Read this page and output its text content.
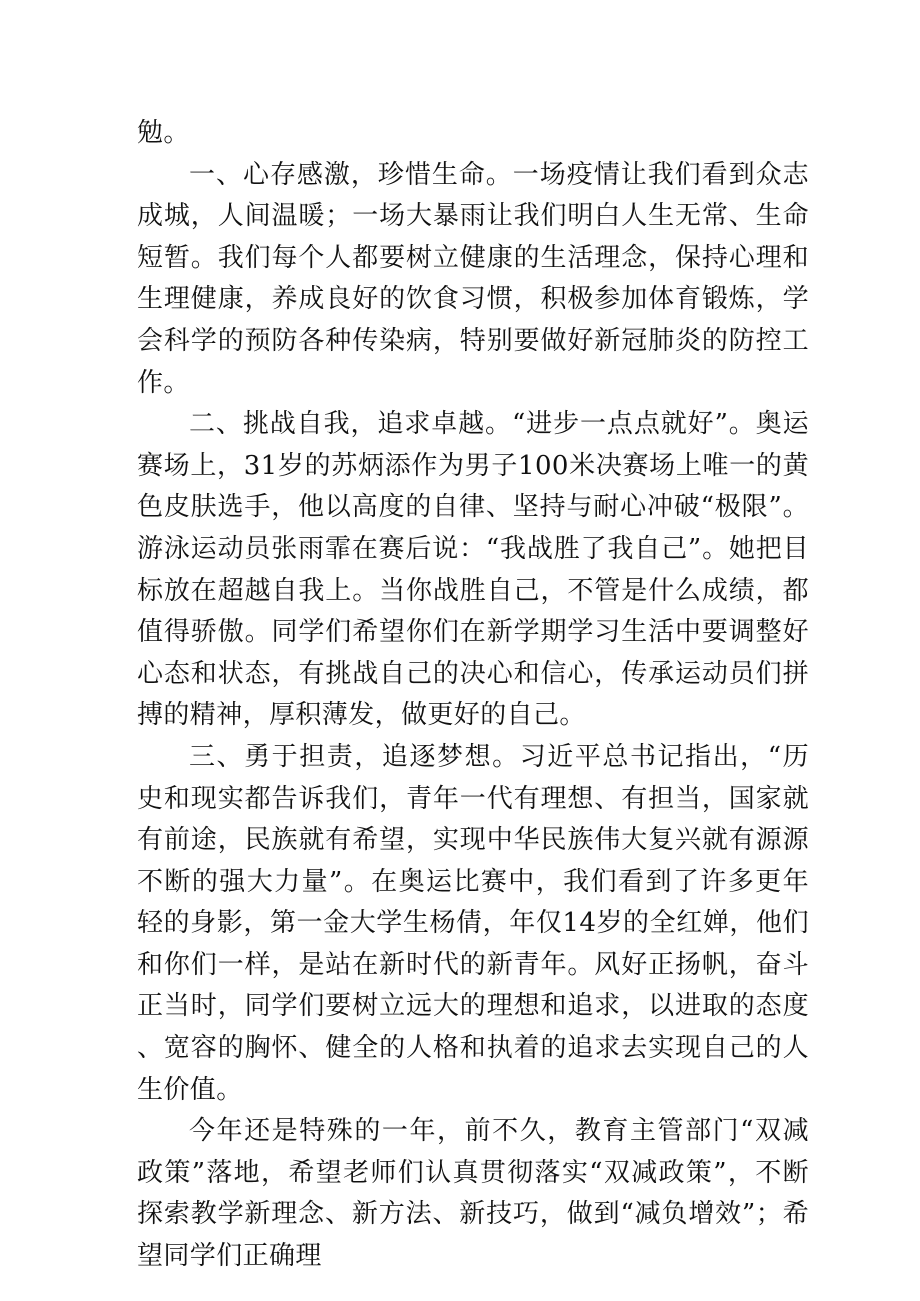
勉。

一、心存感激，珍惜生命。一场疫情让我们看到众志成城，人间温暖；一场大暴雨让我们明白人生无常、生命短暂。我们每个人都要树立健康的生活理念，保持心理和生理健康，养成良好的饮食习惯，积极参加体育锻炼，学会科学的预防各种传染病，特别要做好新冠肺炎的防控工作。

二、挑战自我，追求卓越。“进步一点点就好”。奥运赛场上，31岁的苏炳添作为男子100米决赛场上唯一的黄色皮肤选手，他以高度的自律、坚持与耐心冲破“极限”。游泳运动员张雨霏在赛后说：“我战胜了我自己”。她把目标放在超越自我上。当你战胜自己，不管是什么成绩，都值得骄傲。同学们希望你们在新学期学习生活中要调整好心态和状态，有挑战自己的决心和信心，传承运动员们拼搏的精神，厚积薄发，做更好的自己。

三、勇于担责，追逐梦想。习近平总书记指出，“历史和现实都告诉我们，青年一代有理想、有担当，国家就有前途，民族就有希望，实现中华民族伟大复兴就有源源不断的强大力量”。在奥运比赛中，我们看到了许多更年轻的身影，第一金大学生杨倩，年仅14岁的全红婵，他们和你们一样，是站在新时代的新青年。风好正扬帆，奋斗正当时，同学们要树立远大的理想和追求，以进取的态度、宽容的胸怀、健全的人格和执着的追求去实现自己的人生价值。

今年还是特殊的一年，前不久，教育主管部门“双减政策”落地，希望老师们认真贯彻落实“双减政策”，不断探索教学新理念、新方法、新技巧，做到“减负增效”；希望同学们正确理
